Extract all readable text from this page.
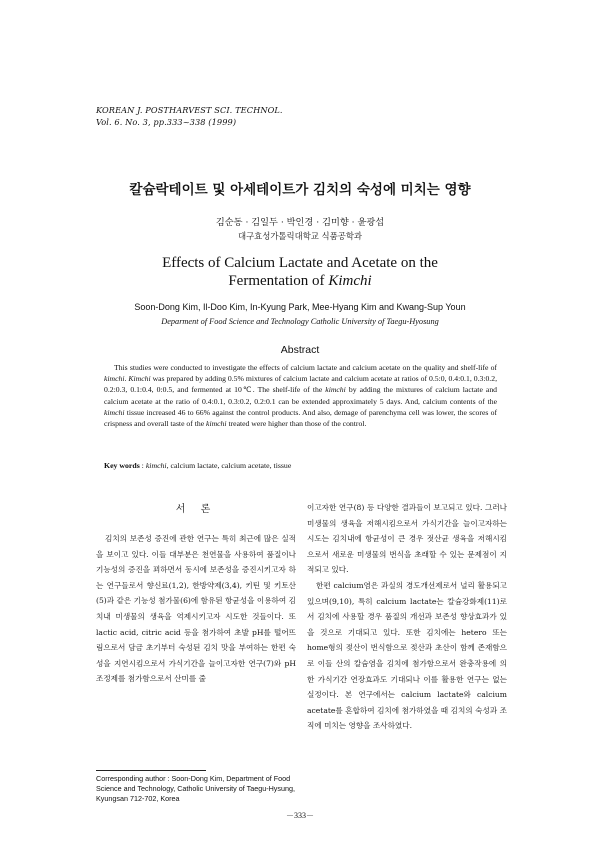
KOREAN J. POSTHARVEST SCI. TECHNOL.
Vol. 6. No. 3, pp.333~338 (1999)
칼슘락테이트 및 아세테이트가 김치의 숙성에 미치는 영향
김순동 · 김일두 · 박인경 · 김미향 · 윤광섭
대구효성가톨릭대학교 식품공학과
Effects of Calcium Lactate and Acetate on the
Fermentation of Kimchi
Soon-Dong Kim, Il-Doo Kim, In-Kyung Park, Mee-Hyang Kim and Kwang-Sup Youn
Deparment of Food Science and Technology Catholic University of Taegu-Hyosung
Abstract

This studies were conducted to investigate the effects of calcium lactate and calcium acetate on the quality and shelf-life of kimchi. Kimchi was prepared by adding 0.5% mixtures of calcium lactate and calcium acetate at ratios of 0.5:0, 0.4:0.1, 0.3:0.2, 0.2:0.3, 0.1:0.4, 0:0.5, and fermented at 10℃. The shelf-life of the kimchi by adding the mixtures of calcium lactate and calcium acetate at the ratio of 0.4:0.1, 0.3:0.2, 0.2:0.1 can be extended approximately 5 days. And, calcium contents of the kimchi tissue increased 46 to 66% against the control products. And also, demage of parenchyma cell was lower, the scores of crispness and overall taste of the kimchi treated were higher than those of the control.

Key words : kimchi, calcium lactate, calcium acetate, tissue
서 론

김치의 보존성 증진에 관한 연구는 특히 최근에 많은 실적을 보이고 있다. 이들 대부분은 천연물을 사용하여 품질이나 기능성의 증진을 꾀하면서 동시에 보존성을 증진시키고자 하는 연구들로서 향신료(1,2), 한방약제(3,4), 키틴 및 키토산(5)과 같은 기능성 첨가물(6)에 함유된 항균성을 이용하여 김치내 미생물의 생육을 억제시키고자 시도한 것들이다. 또 lactic acid, citric acid 등을 첨가하여 초발 pH를 떨어뜨림으로서 담금 초기부터 숙성된 김치 맛을 부여하는 한편 숙성을 지연시킴으로서 가식기간을 늘이고자한 연구(7)와 pH 조정제를 첨가함으로서 산미를 줄

이고자한 연구(8) 등 다양한 결과들이 보고되고 있다. 그러나 미생물의 생육을 저해시킴으로서 가식기간을 늘이고자하는 시도는 김치내에 항균성이 큰 경우 젓산균 생육을 저해시킴으로서 새로운 미생물의 번식을 초래할 수 있는 문제점이 지적되고 있다.

한편 calcium염은 과실의 경도개선제로서 널리 활용되고 있으며(9,10), 특히 calcium lactate는 칼슘강화제(11)로서 김치에 사용할 경우 품질의 개선과 보존성 향상효과가 있을 것으로 기대되고 있다. 또한 김치에는 hetero 또는 home형의 젖산이 번식함으로 젖산과 초산이 함께 존재함으로 이들 산의 칼슘염을 김치에 첨가함으로서 완충작용에 의한 가식기간 연장효과도 기대되나 이를 활용한 연구는 없는 실정이다. 본 연구에서는 calcium lactate와 calcium acetate를 혼합하여 김치에 첨가하였을 때 김치의 숙성과 조직에 미치는 영향을 조사하였다.

Corresponding author : Soon-Dong Kim, Department of Food Science and Technology, Catholic University of Taegu-Hysung, Kyungsan 712-702, Korea
－333－
